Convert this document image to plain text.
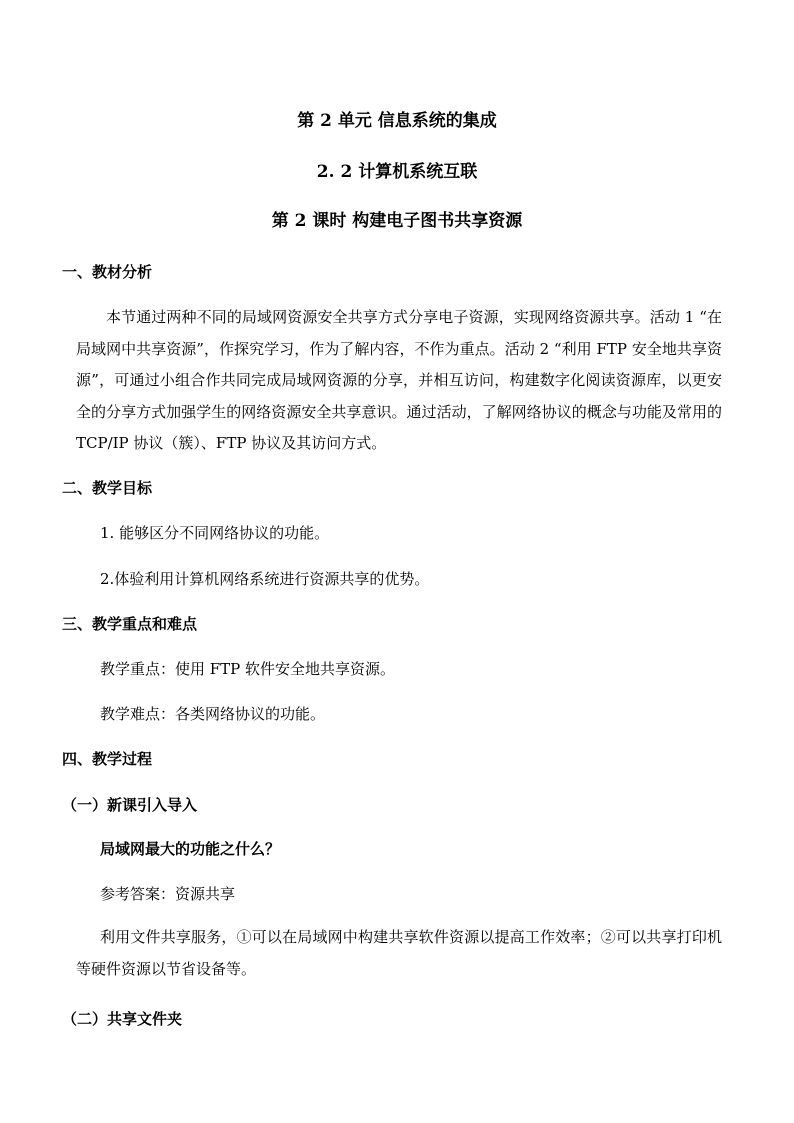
第 2 单元 信息系统的集成
2. 2 计算机系统互联
第 2 课时 构建电子图书共享资源
一、教材分析
本节通过两种不同的局域网资源安全共享方式分享电子资源，实现网络资源共享。活动 1 “在局域网中共享资源”，作探究学习，作为了解内容，不作为重点。活动 2 “利用 FTP 安全地共享资源”，可通过小组合作共同完成局域网资源的分享，并相互访问，构建数字化阅读资源库，以更安全的分享方式加强学生的网络资源安全共享意识。通过活动，了解网络协议的概念与功能及常用的 TCP/IP 协议（簇）、FTP 协议及其访问方式。
二、教学目标
1. 能够区分不同网络协议的功能。
2.体验利用计算机网络系统进行资源共享的优势。
三、教学重点和难点
教学重点：使用 FTP 软件安全地共享资源。
教学难点：各类网络协议的功能。
四、教学过程
（一）新课引入导入
局域网最大的功能之什么？
参考答案：资源共享
利用文件共享服务，①可以在局域网中构建共享软件资源以提高工作效率；②可以共享打印机等硬件资源以节省设备等。
（二）共享文件夹
